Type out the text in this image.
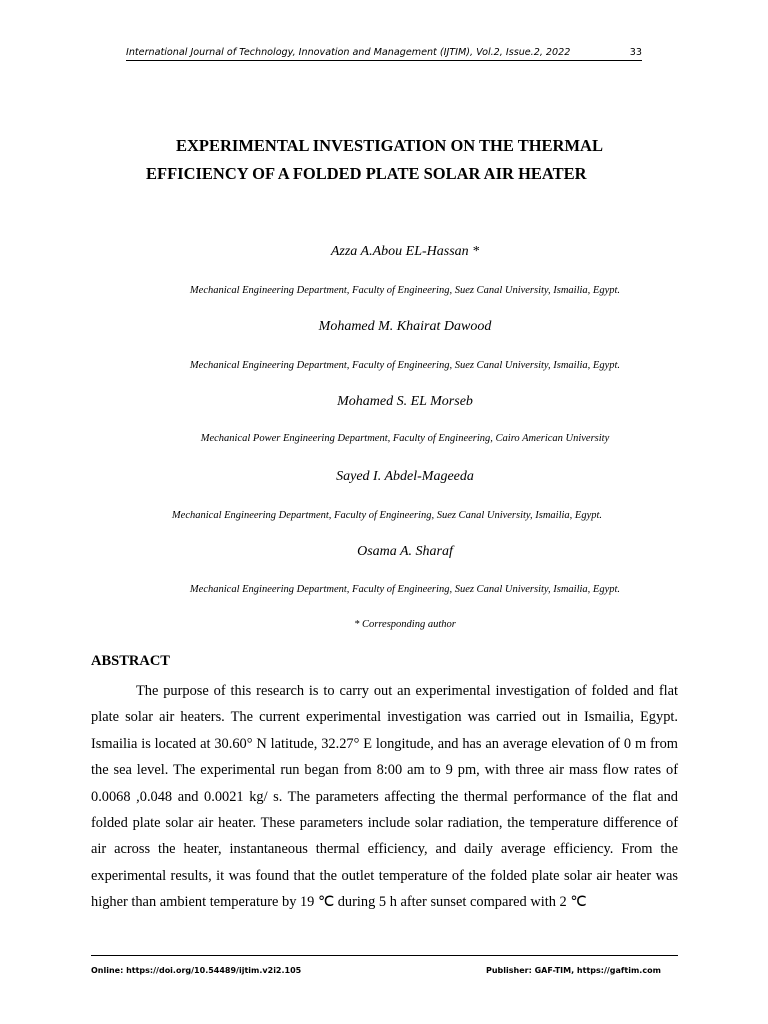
International Journal of Technology, Innovation and Management (IJTIM), Vol.2, Issue.2, 2022	33
EXPERIMENTAL INVESTIGATION ON THE THERMAL
EFFICIENCY OF A FOLDED PLATE SOLAR AIR HEATER
Azza A.Abou EL-Hassan *
Mechanical Engineering Department, Faculty of Engineering, Suez Canal University, Ismailia, Egypt.
Mohamed M. Khairat Dawood
Mechanical Engineering Department, Faculty of Engineering, Suez Canal University, Ismailia, Egypt.
Mohamed S. EL Morseb
Mechanical Power Engineering Department, Faculty of Engineering, Cairo American University
Sayed I. Abdel-Mageeda
Mechanical Engineering Department, Faculty of Engineering, Suez Canal University, Ismailia, Egypt.
Osama A. Sharaf
Mechanical Engineering Department, Faculty of Engineering, Suez Canal University, Ismailia, Egypt.
* Corresponding author
ABSTRACT

The purpose of this research is to carry out an experimental investigation of folded and flat plate solar air heaters. The current experimental investigation was carried out in Ismailia, Egypt. Ismailia is located at 30.60° N latitude, 32.27° E longitude, and has an average elevation of 0 m from the sea level. The experimental run began from 8:00 am to 9 pm, with three air mass flow rates of 0.0068 ,0.048 and 0.0021 kg/ s. The parameters affecting the thermal performance of the flat and folded plate solar air heater. These parameters include solar radiation, the temperature difference of air across the heater, instantaneous thermal efficiency, and daily average efficiency. From the experimental results, it was found that the outlet temperature of the folded plate solar air heater was higher than ambient temperature by 19 ℃ during 5 h after sunset compared with 2 ℃

Online: https://doi.org/10.54489/ijtim.v2i2.105	Publisher: GAF-TIM, https://gaftim.com
